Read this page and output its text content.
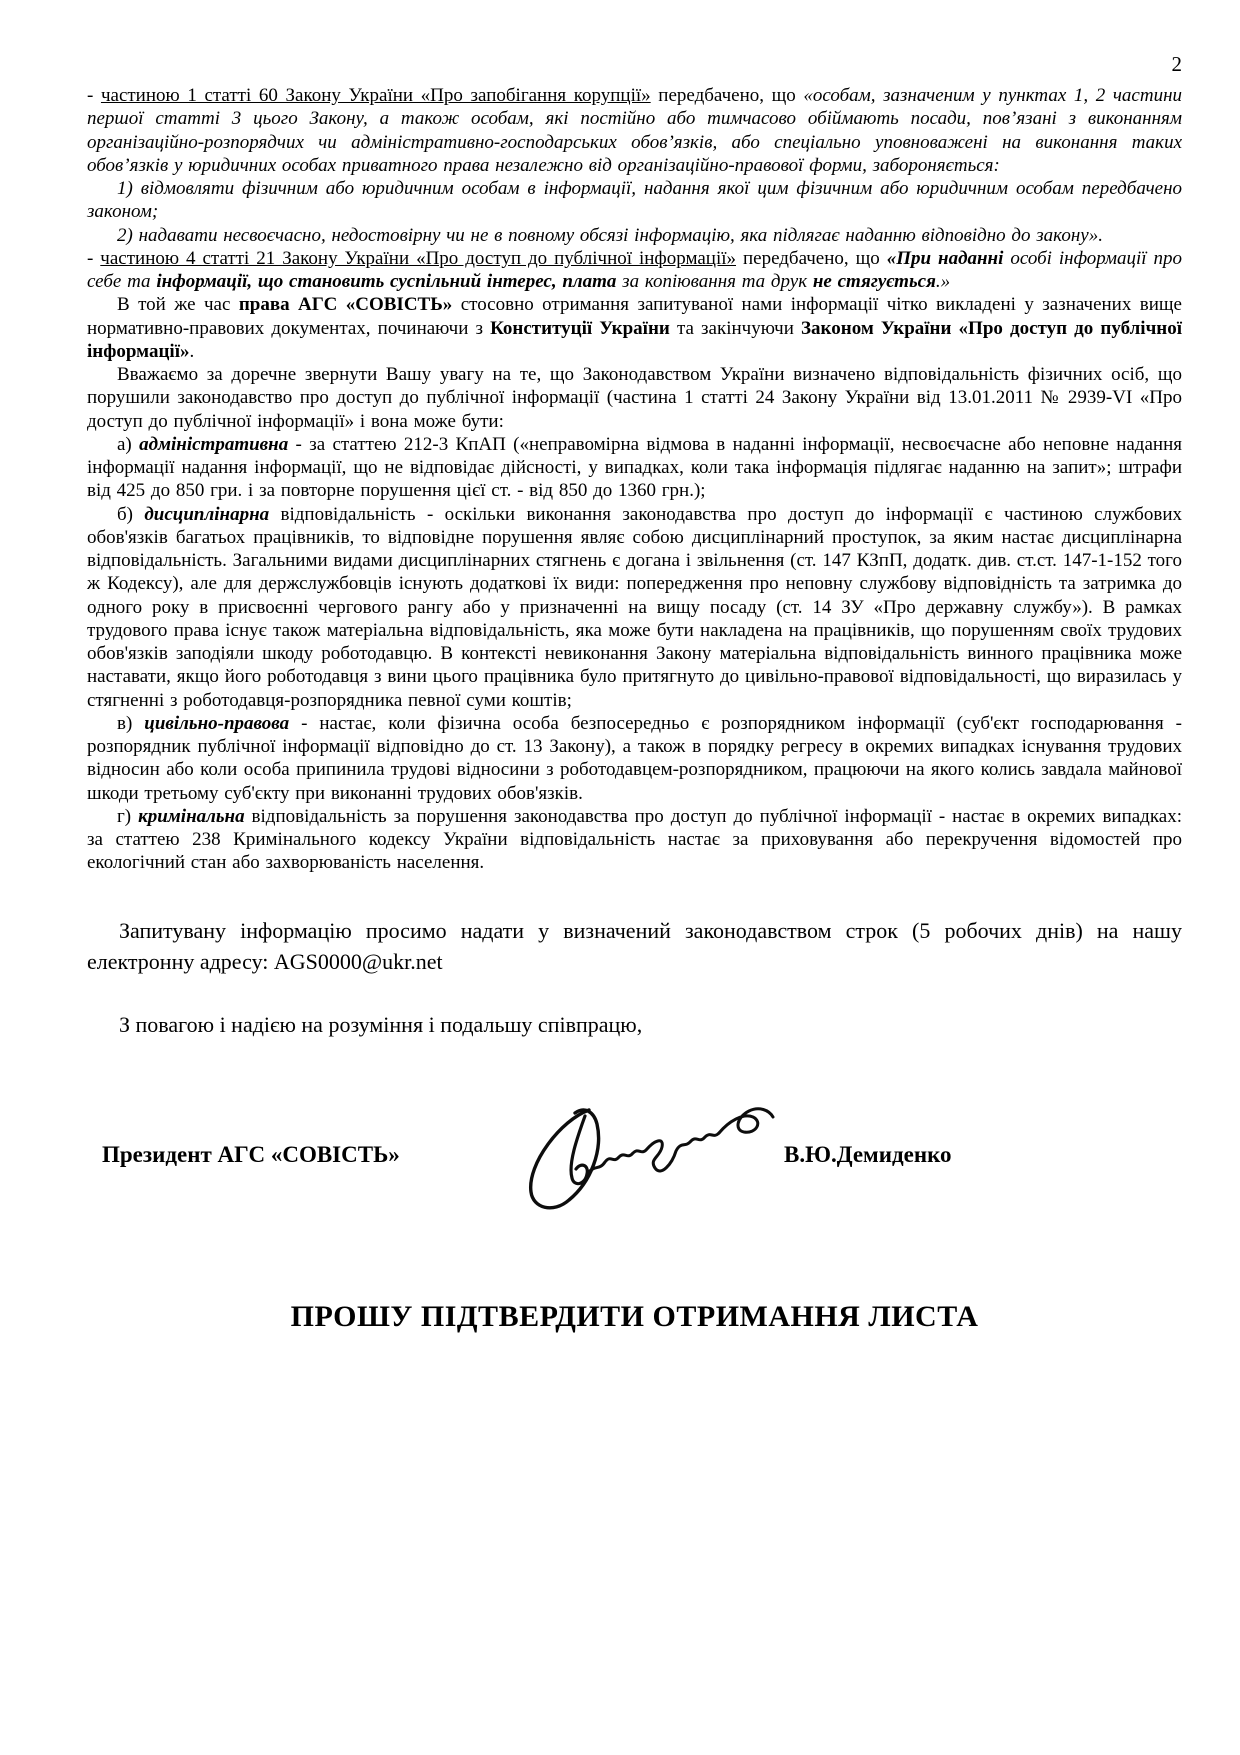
2

- частиною 1 статті 60 Закону України «Про запобігання корупції» передбачено, що «особам, зазначеним у пунктах 1, 2 частини першої статті 3 цього Закону, а також особам, які постійно або тимчасово обіймають посади, пов’язані з виконанням організаційно-розпорядчих чи адміністративно-господарських обов’язків, або спеціально уповноважені на виконання таких обов’язків у юридичних особах приватного права незалежно від організаційно-правової форми, забороняється:

1) відмовляти фізичним або юридичним особам в інформації, надання якої цим фізичним або юридичним особам передбачено законом;

2) надавати несвоєчасно, недостовірну чи не в повному обсязі інформацію, яка підлягає наданню відповідно до закону».

- частиною 4 статті 21 Закону України «Про доступ до публічної інформації» передбачено, що «При наданні особі інформації про себе та інформації, що становить суспільний інтерес, плата за копіювання та друк не стягується.»

В той же час права АГС «СОВІСТЬ» стосовно отримання запитуваної нами інформації чітко викладені у зазначених вище нормативно-правових документах, починаючи з Конституції України та закінчуючи Законом України «Про доступ до публічної інформації».

Вважаємо за доречне звернути Вашу увагу на те, що Законодавством України визначено відповідальність фізичних осіб, що порушили законодавство про доступ до публічної інформації (частина 1 статті 24 Закону України від 13.01.2011 № 2939-VI «Про доступ до публічної інформації» і вона може бути:

а) адміністративна - за статтею 212-3 КпАП («неправомірна відмова в наданні інформації, несвоєчасне або неповне надання інформації надання інформації, що не відповідає дійсності, у випадках, коли така інформація підлягає наданню на запит»; штрафи від 425 до 850 гри. і за повторне порушення цієї ст. - від 850 до 1360 грн.);

б) дисциплінарна відповідальність - оскільки виконання законодавства про доступ до інформації є частиною службових обов'язків багатьох працівників, то відповідне порушення являє собою дисциплінарний проступок, за яким настає дисциплінарна відповідальність. Загальними видами дисциплінарних стягнень є догана і звільнення (ст. 147 КЗпП, додатк. див. ст.ст. 147-1-152 того ж Кодексу), але для держслужбовців існують додаткові їх види: попередження про неповну службову відповідність та затримка до одного року в присвоєнні чергового рангу або у призначенні на вищу посаду (ст. 14 ЗУ «Про державну службу»). В рамках трудового права існує також матеріальна відповідальність, яка може бути накладена на працівників, що порушенням своїх трудових обов'язків заподіяли шкоду роботодавцю. В контексті невиконання Закону матеріальна відповідальність винного працівника може наставати, якщо його роботодавця з вини цього працівника було притягнуто до цивільно-правової відповідальності, що виразилась у стягненні з роботодавця-розпорядника певної суми коштів;

в) цивільно-правова - настає, коли фізична особа безпосередньо є розпорядником інформації (суб'єкт господарювання - розпорядник публічної інформації відповідно до ст. 13 Закону), а також в порядку регресу в окремих випадках існування трудових відносин або коли особа припинила трудові відносини з роботодавцем-розпорядником, працюючи на якого колись завдала майнової шкоди третьому суб'єкту при виконанні трудових обов'язків.

г) кримінальна відповідальність за порушення законодавства про доступ до публічної інформації - настає в окремих випадках: за статтею 238 Кримінального кодексу України відповідальність настає за приховування або перекручення відомостей про екологічний стан або захворюваність населення.

Запитувану інформацію просимо надати у визначений законодавством строк (5 робочих днів) на нашу електронну адресу: AGS0000@ukr.net

З повагою і надією на розуміння і подальшу співпрацю,

Президент АГС «СОВІСТЬ»	В.Ю.Демиденко
ПРОШУ ПІДТВЕРДИТИ ОТРИМАННЯ ЛИСТА
